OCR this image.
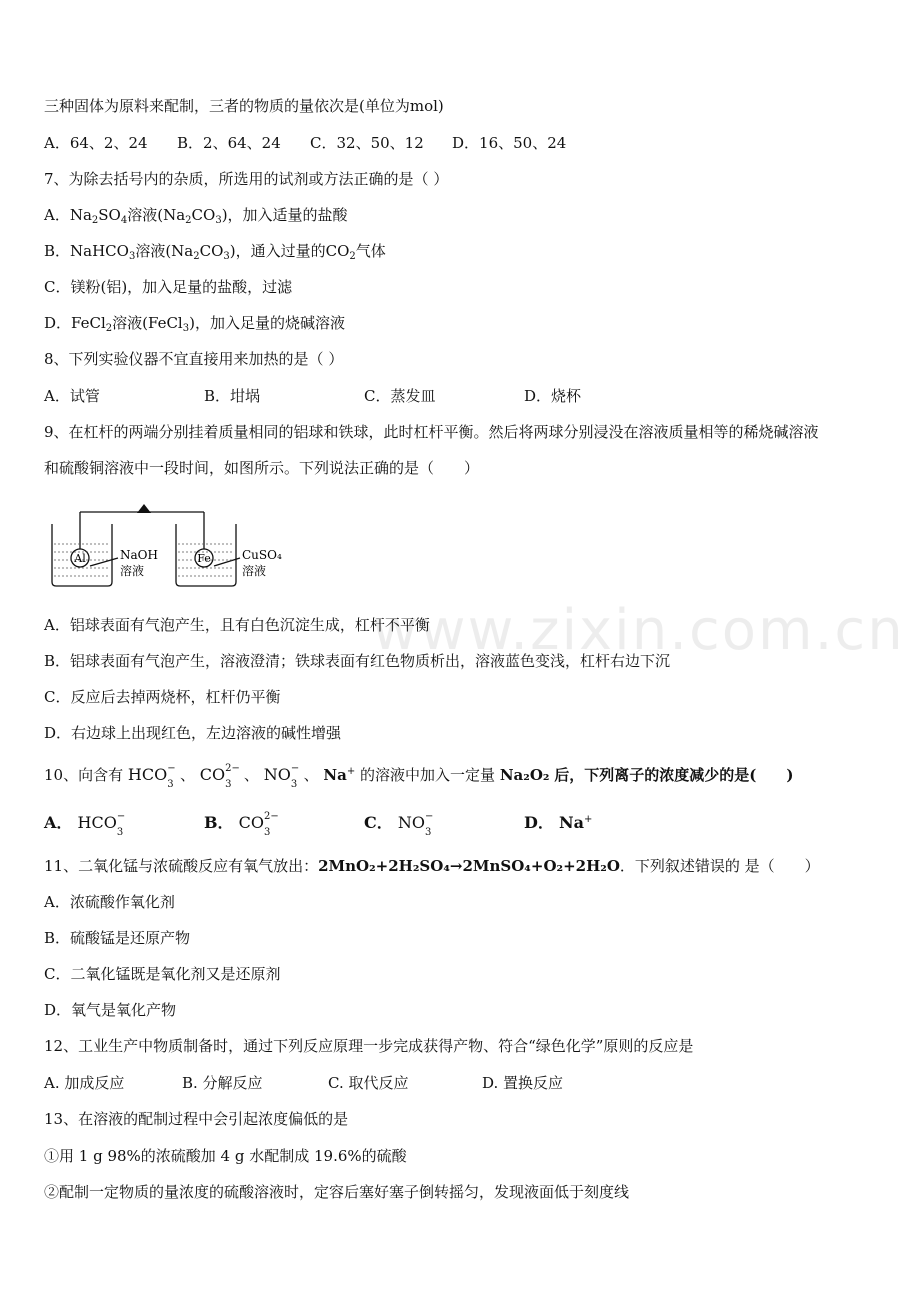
www.zixin.com.cn
三种固体为原料来配制，三者的物质的量依次是(单位为mol)
A．64、2、24 B．2、64、24 C．32、50、12 D．16、50、24
7、为除去括号内的杂质，所选用的试剂或方法正确的是（ ）
A．$Na_2SO_4$溶液$(Na_2CO_3)$，加入适量的盐酸
B．NaHCO$_3$溶液$(Na_2CO_3)$，通入过量的$CO_2$气体
C．镁粉(铝)，加入足量的盐酸，过滤
D．FeCl$_2$溶液(FeCl$_3$)，加入足量的烧碱溶液
8、下列实验仪器不宜直接用来加热的是（ ）
A．试管	B．坩埚	C．蒸发皿	D．烧杯
9、在杠杆的两端分别挂着质量相同的铝球和铁球，此时杠杆平衡。然后将两球分别浸没在溶液质量相等的稀烧碱溶液
和硫酸铜溶液中一段时间，如图所示。下列说法正确的是（　　）
Al	Fe
NaOH
溶液
CuSO₄
溶液
A．铝球表面有气泡产生，且有白色沉淀生成，杠杆不平衡
B．铝球表面有气泡产生，溶液澄清；铁球表面有红色物质析出，溶液蓝色变浅，杠杆右边下沉
C．反应后去掉两烧杯，杠杆仍平衡
D．右边球上出现红色，左边溶液的碱性增强
10、向含有 HCO −
3
、 CO 2−
3
、 NO −
3
、 Na+ 的溶液中加入一定量 Na₂O₂ 后，下列离子的浓度减少的是(　　)
A． HCO −
3
B． CO 2−
3
C． NO −
3
D． Na+
11、二氧化锰与浓硫酸反应有氧气放出：2MnO₂+2H₂SO₄→2MnSO₄+O₂+2H₂O．下列叙述错误的 是（　　）
A．浓硫酸作氧化剂
B．硫酸锰是还原产物
C．二氧化锰既是氧化剂又是还原剂
D．氧气是氧化产物
12、工业生产中物质制备时，通过下列反应原理一步完成获得产物、符合“绿色化学”原则的反应是
A. 加成反应	B. 分解反应	C. 取代反应	D. 置换反应
13、在溶液的配制过程中会引起浓度偏低的是
①用 1 g 98%的浓硫酸加 4 g 水配制成 19.6%的硫酸
②配制一定物质的量浓度的硫酸溶液时，定容后塞好塞子倒转摇匀，发现液面低于刻度线
